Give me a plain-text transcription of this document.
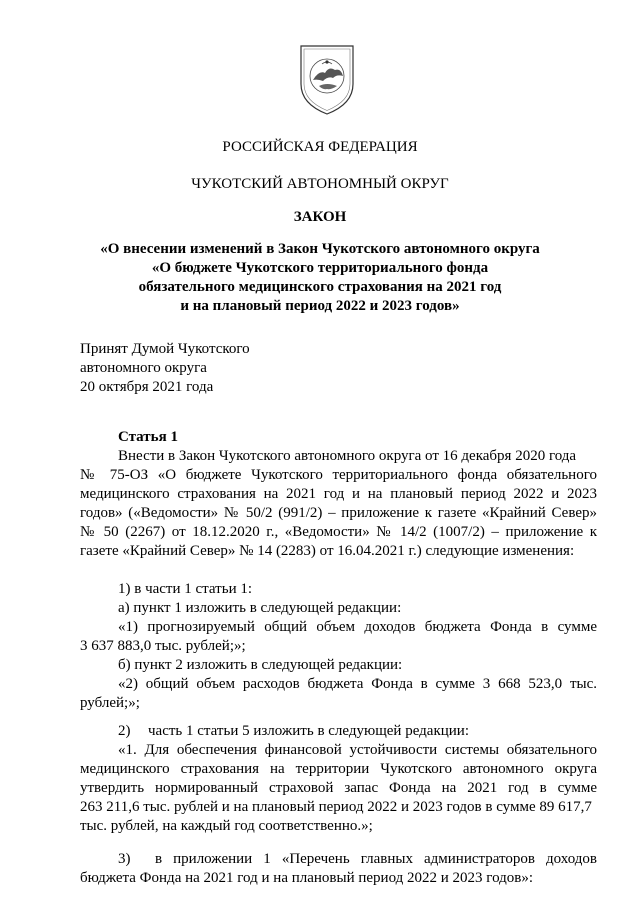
РОССИЙСКАЯ ФЕДЕРАЦИЯ
ЧУКОТСКИЙ АВТОНОМНЫЙ ОКРУГ
ЗАКОН
«О внесении изменений в Закон Чукотского автономного округа
«О бюджете Чукотского территориального фонда
обязательного медицинского страхования на 2021 год
и на плановый период 2022 и 2023 годов»
Принят Думой Чукотского
автономного округа
20 октября 2021 года
Статья 1
Внести в Закон Чукотского автономного округа от 16 декабря 2020 года
№ 75-ОЗ «О бюджете Чукотского территориального фонда обязательного
медицинского страхования на 2021 год и на плановый период 2022 и 2023
годов» («Ведомости» № 50/2 (991/2) – приложение к газете «Крайний Север»
№ 50 (2267) от 18.12.2020 г., «Ведомости» № 14/2 (1007/2) – приложение к
газете «Крайний Север» № 14 (2283) от 16.04.2021 г.) следующие изменения:
1) в части 1 статьи 1:
а) пункт 1 изложить в следующей редакции:
«1) прогнозируемый общий объем доходов бюджета Фонда в сумме
3 637 883,0 тыс. рублей;»;
б) пункт 2 изложить в следующей редакции:
«2) общий объем расходов бюджета Фонда в сумме 3 668 523,0 тыс.
рублей;»;
2) часть 1 статьи 5 изложить в следующей редакции:
«1. Для обеспечения финансовой устойчивости системы обязательного
медицинского страхования на территории Чукотского автономного округа
утвердить нормированный страховой запас Фонда на 2021 год в сумме
263 211,6 тыс. рублей и на плановый период 2022 и 2023 годов в сумме 89 617,7
тыс. рублей, на каждый год соответственно.»;
3) в приложении 1 «Перечень главных администраторов доходов
бюджета Фонда на 2021 год и на плановый период 2022 и 2023 годов»:
